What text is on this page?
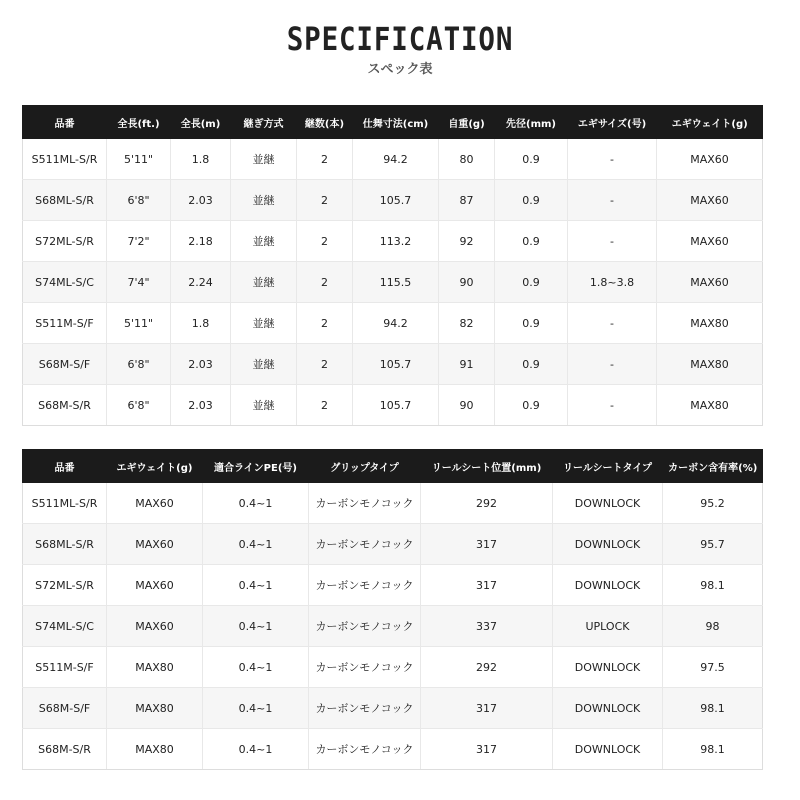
SPECIFICATION
スペック表
品番	全長(ft.)	全長(m)	継ぎ方式	継数(本)	仕舞寸法(cm)	自重(g)	先径(mm)	エギサイズ(号)	エギウェイト(g)
S511ML-S/R	5'11"	1.8	並継	2	94.2	80	0.9	-	MAX60
S68ML-S/R	6'8"	2.03	並継	2	105.7	87	0.9	-	MAX60
S72ML-S/R	7'2"	2.18	並継	2	113.2	92	0.9	-	MAX60
S74ML-S/C	7'4"	2.24	並継	2	115.5	90	0.9	1.8~3.8	MAX60
S511M-S/F	5'11"	1.8	並継	2	94.2	82	0.9	-	MAX80
S68M-S/F	6'8"	2.03	並継	2	105.7	91	0.9	-	MAX80
S68M-S/R	6'8"	2.03	並継	2	105.7	90	0.9	-	MAX80
品番	エギウェイト(g)	適合ラインPE(号)	グリップタイプ	リールシート位置(mm)	リールシートタイプ	カーボン含有率(%)
S511ML-S/R	MAX60	0.4~1	カーボンモノコック	292	DOWNLOCK	95.2
S68ML-S/R	MAX60	0.4~1	カーボンモノコック	317	DOWNLOCK	95.7
S72ML-S/R	MAX60	0.4~1	カーボンモノコック	317	DOWNLOCK	98.1
S74ML-S/C	MAX60	0.4~1	カーボンモノコック	337	UPLOCK	98
S511M-S/F	MAX80	0.4~1	カーボンモノコック	292	DOWNLOCK	97.5
S68M-S/F	MAX80	0.4~1	カーボンモノコック	317	DOWNLOCK	98.1
S68M-S/R	MAX80	0.4~1	カーボンモノコック	317	DOWNLOCK	98.1
